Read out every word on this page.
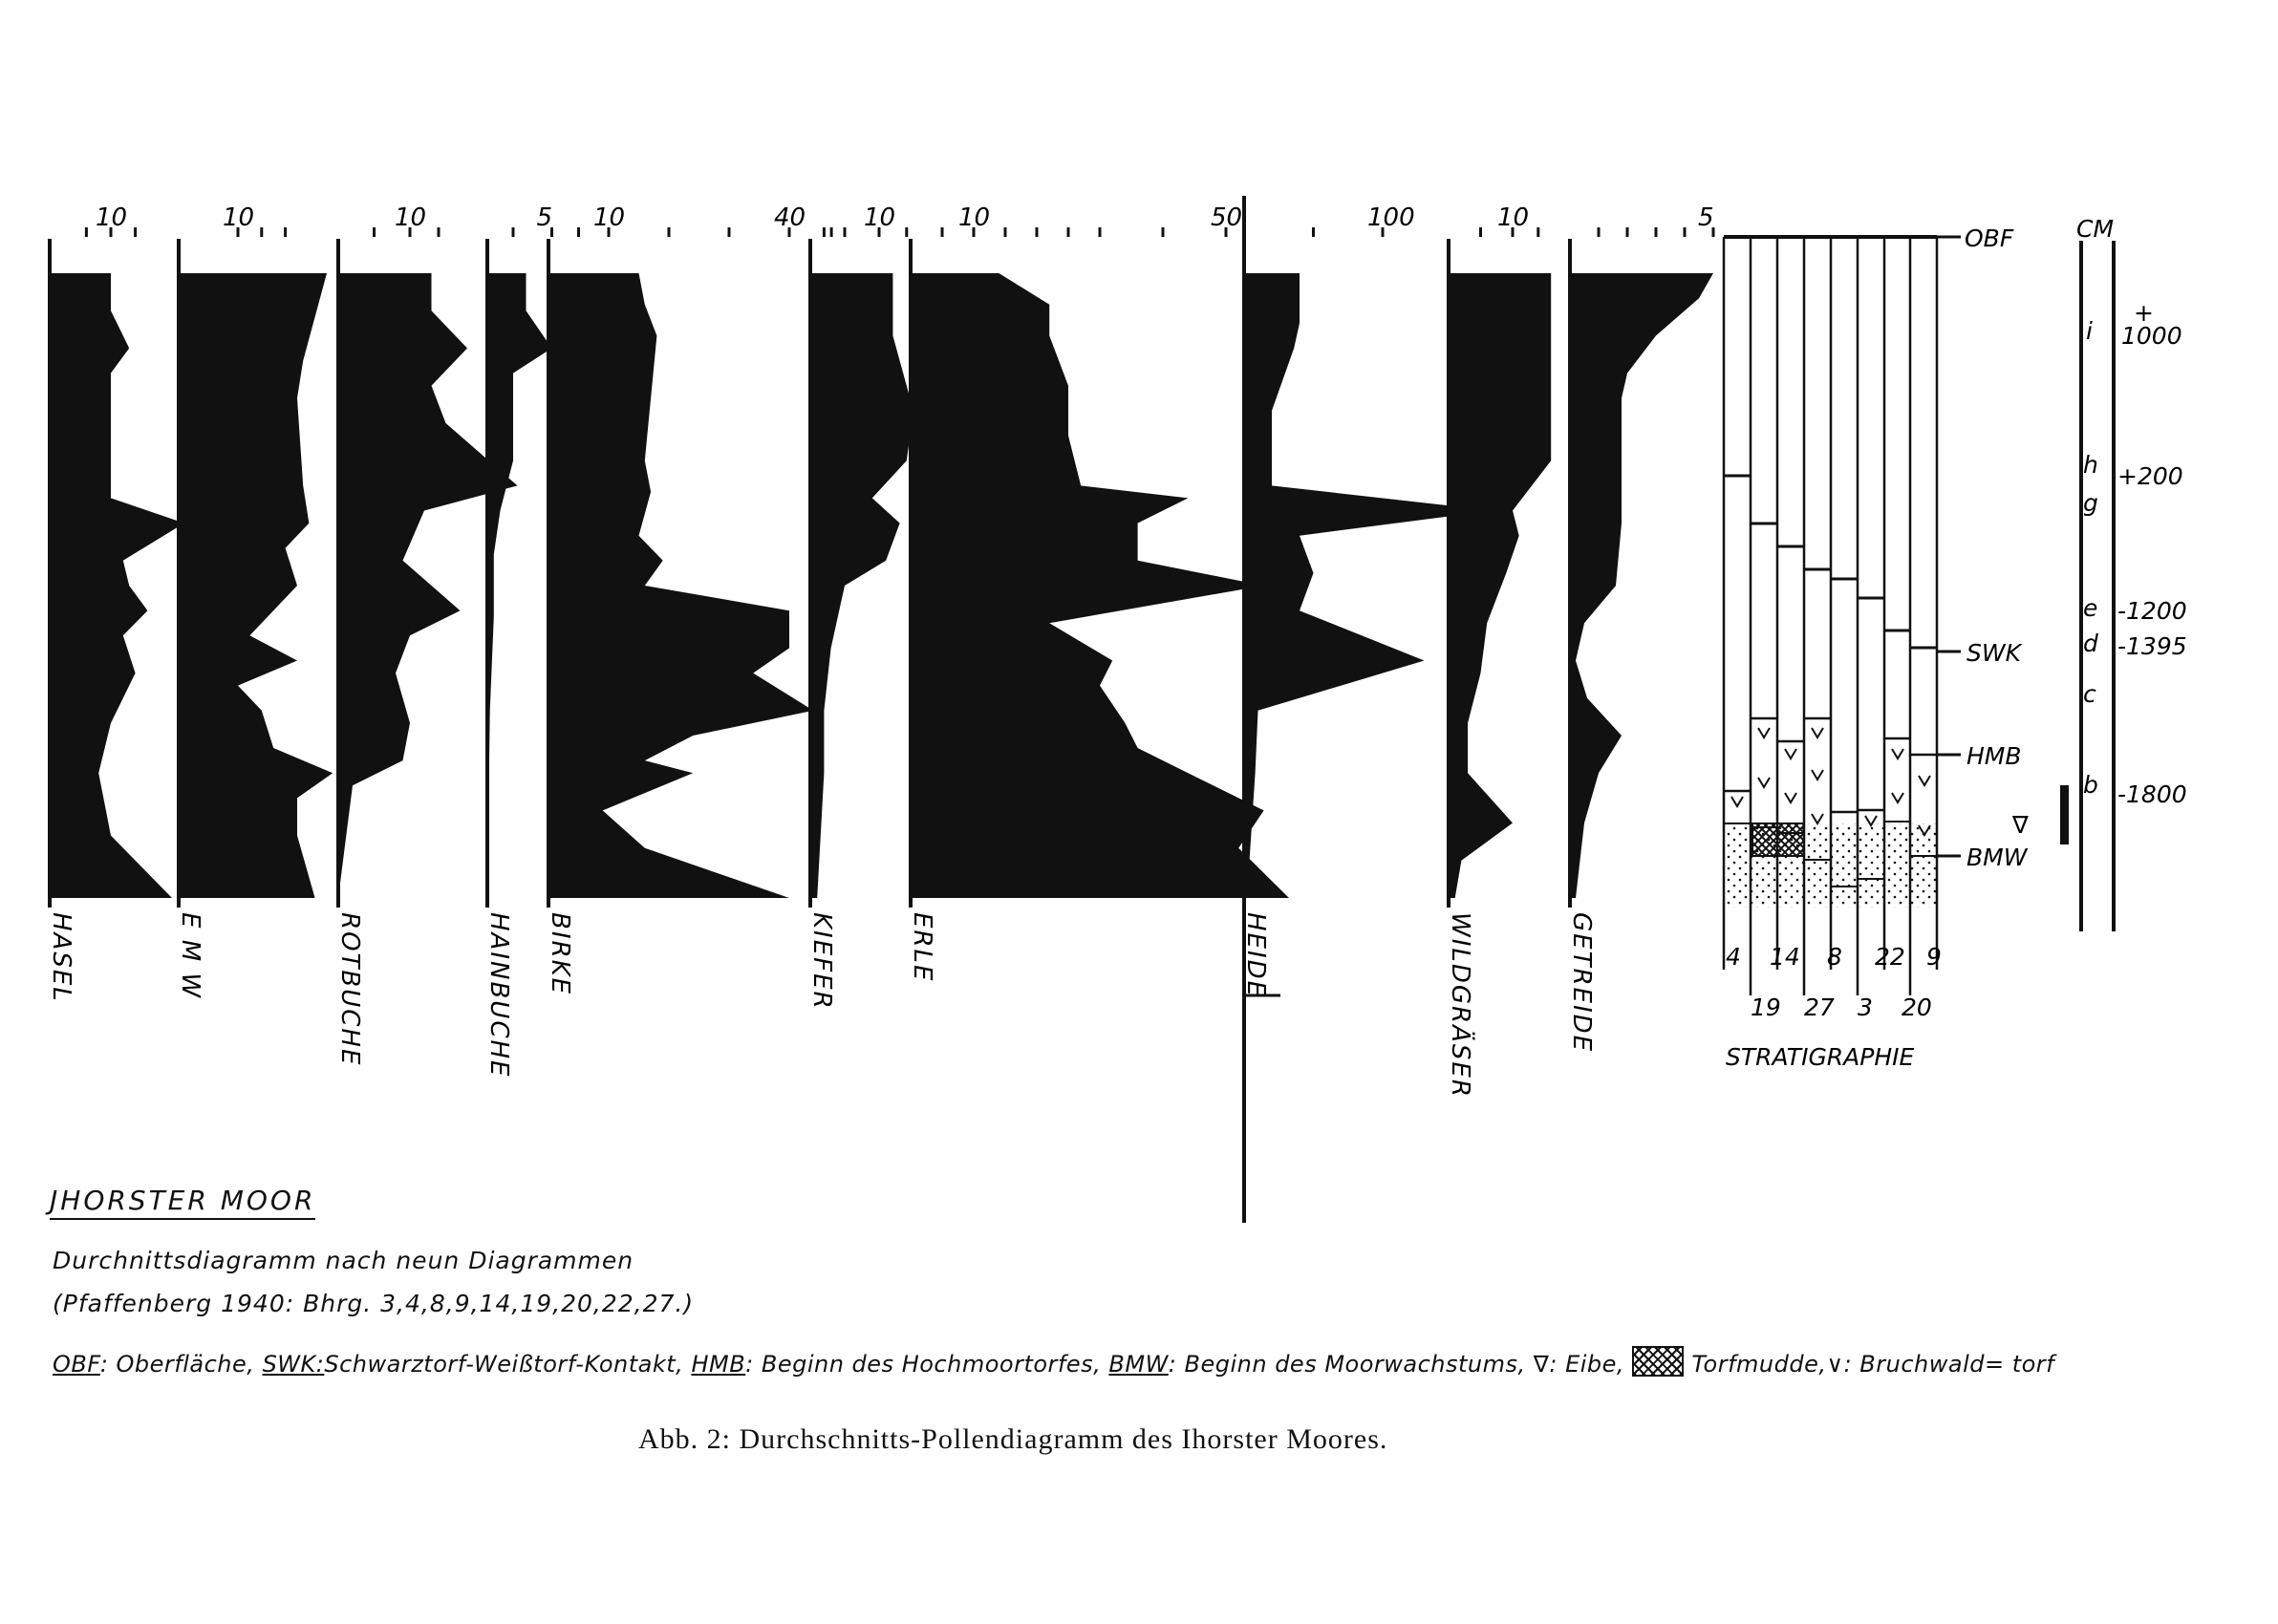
10
HASEL
10
E M W
10
ROTBUCHE
5
HAINBUCHE
10	40
BIRKE
10
KIEFER
10	50
ERLE
100
HEIDE
10
WILDGRÄSER
5
GETREIDE
OBF
SWK
HMB
BMW
∇
4 14 8 22 9
19 27 3 20
STRATIGRAPHIE
CM
i
h
g
e
d
c
b
+
1000
+200
-1200
-1395
-1800
JHORSTER MOOR
Durchnittsdiagramm nach neun Diagrammen
(Pfaffenberg 1940: Bhrg. 3,4,8,9,14,19,20,22,27.)
OBF: Oberfläche, SWK:Schwarztorf-Weißtorf-Kontakt, HMB: Beginn des Hochmoortorfes, BMW: Beginn des Moorwachstums, ∇: Eibe,	Torfmudde,∨: Bruchwald= torf
Abb. 2: Durchschnitts-Pollendiagramm des Ihorster Moores.
